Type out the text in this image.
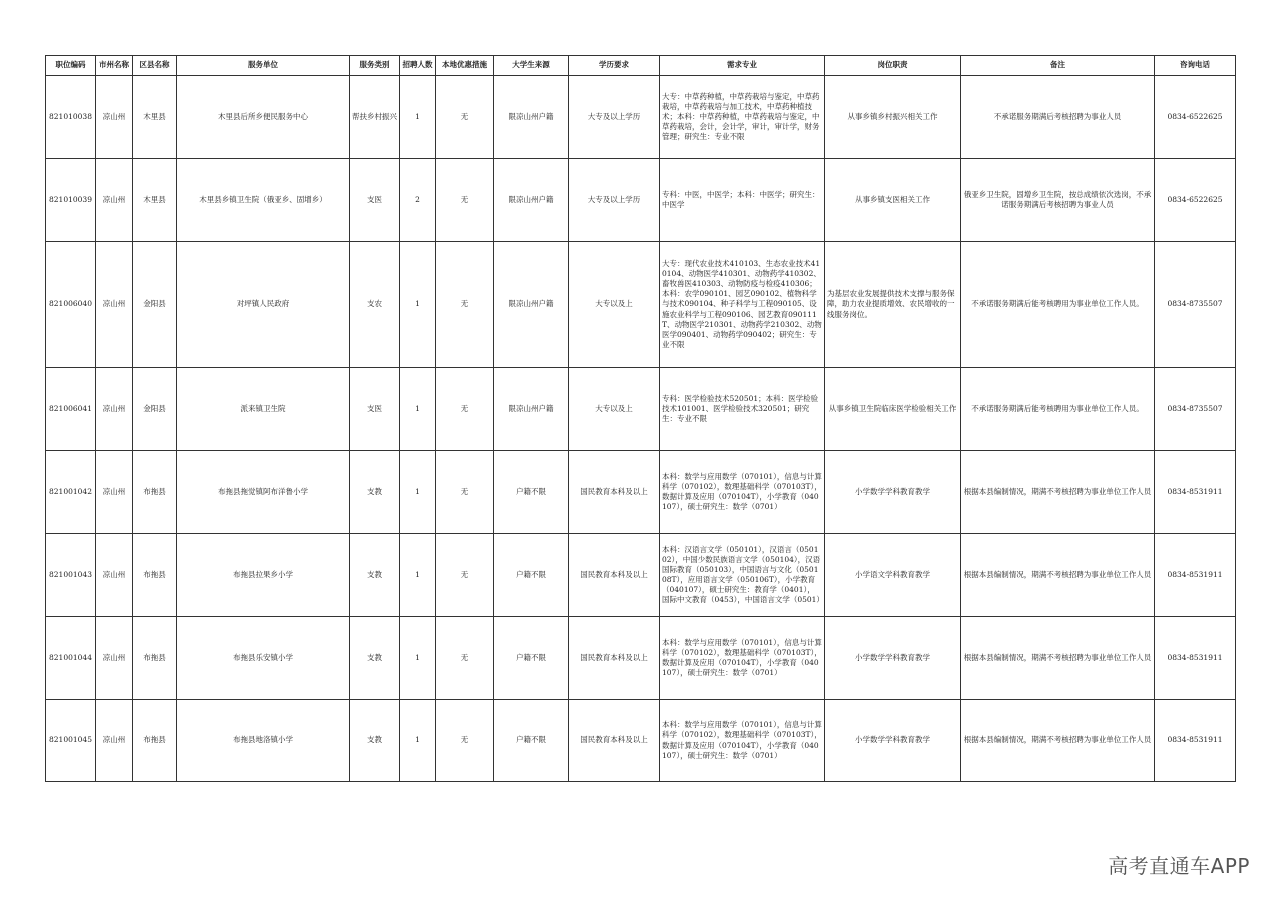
职位编码	市州名称	区县名称	服务单位	服务类别	招聘人数	本地优惠措施	大学生来源	学历要求	需求专业	岗位职责	备注	咨询电话
821010038	凉山州	木里县	木里县后所乡便民服务中心	帮扶乡村振兴	1	无	限凉山州户籍	大专及以上学历	大专：中草药种植，中草药栽培与鉴定，中草药栽培，中草药栽培与加工技术，中草药种植技术；本科：中草药种植，中草药栽培与鉴定，中草药栽培，会计，会计学，审计，审计学，财务管理；研究生：专业不限	从事乡镇乡村振兴相关工作	不承诺服务期满后考核招聘为事业人员	0834-6522625
821010039	凉山州	木里县	木里县乡镇卫生院（俄亚乡、固增乡）	支医	2	无	限凉山州户籍	大专及以上学历	专科：中医，中医学；本科：中医学；研究生：中医学	从事乡镇支医相关工作	俄亚乡卫生院，固增乡卫生院，按总成绩依次选岗，不承诺服务期满后考核招聘为事业人员	0834-6522625
821006040	凉山州	金阳县	对坪镇人民政府	支农	1	无	限凉山州户籍	大专以及上	大专：现代农业技术410103、生态农业技术410104、动物医学410301、动物药学410302、畜牧兽医410303、动物防疫与检疫410306；本科：农学090101、园艺090102、植物科学与技术090104、种子科学与工程090105、设施农业科学与工程090106、园艺教育090111T、动物医学210301、动物药学210302、动物医学090401、动物药学090402；研究生：专业不限	为基层农业发展提供技术支撑与服务保障，助力农业提质增效、农民增收的一线服务岗位。	不承诺服务期满后能考核聘用为事业单位工作人员。	0834-8735507
821006041	凉山州	金阳县	派来镇卫生院	支医	1	无	限凉山州户籍	大专以及上	专科：医学检验技术520501；本科：医学检验技术101001、医学检验技术320501；研究生：专业不限	从事乡镇卫生院临床医学检验相关工作	不承诺服务期满后能考核聘用为事业单位工作人员。	0834-8735507
821001042	凉山州	布拖县	布拖县拖觉镇阿布洋鲁小学	支教	1	无	户籍不限	国民教育本科及以上	本科：数学与应用数学（070101），信息与计算科学（070102），数理基础科学（070103T），数据计算及应用（070104T），小学教育（040107），硕士研究生：数学（0701）	小学数学学科教育教学	根据本县编制情况，期满不考核招聘为事业单位工作人员	0834-8531911
821001043	凉山州	布拖县	布拖县拉果乡小学	支教	1	无	户籍不限	国民教育本科及以上	本科：汉语言文学（050101），汉语言（050102），中国少数民族语言文学（050104），汉语国际教育（050103），中国语言与文化（050108T），应用语言文学（050106T），小学教育（040107），硕士研究生：教育学（0401），国际中文教育（0453），中国语言文学（0501）	小学语文学科教育教学	根据本县编制情况，期满不考核招聘为事业单位工作人员	0834-8531911
821001044	凉山州	布拖县	布拖县乐安镇小学	支教	1	无	户籍不限	国民教育本科及以上	本科：数学与应用数学（070101），信息与计算科学（070102），数理基础科学（070103T），数据计算及应用（070104T），小学教育（040107），硕士研究生：数学（0701）	小学数学学科教育教学	根据本县编制情况，期满不考核招聘为事业单位工作人员	0834-8531911
821001045	凉山州	布拖县	布拖县地洛镇小学	支教	1	无	户籍不限	国民教育本科及以上	本科：数学与应用数学（070101），信息与计算科学（070102），数理基础科学（070103T），数据计算及应用（070104T），小学教育（040107），硕士研究生：数学（0701）	小学数学学科教育教学	根据本县编制情况，期满不考核招聘为事业单位工作人员	0834-8531911
高考直通车APP
